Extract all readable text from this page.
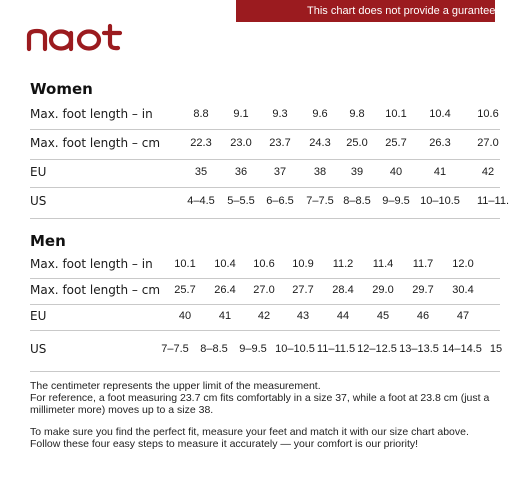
This chart does not provide a gurantee of
Women
Max. foot length – in	8.8 9.1 9.3 9.6 9.8 10.1 10.4 10.6
Max. foot length – cm	22.3 23.0 23.7 24.3 25.0 25.7 26.3 27.0
EU	35	36 37	38 39 40	41	42
US	4–4.5 5–5.5 6–6.5 7–7.5 8–8.5 9–9.5 10–10.5 11–11.
Men
Max. foot length – in 10.1 10.4 10.6 10.9 11.2 11.4 11.7 12.0
Max. foot length – cm 25.7 26.4 27.0 27.7 28.4 29.0 29.7 30.4
EU	40	41 42 43	44	45	46	47
US	7–7.5 8–8.5 9–9.5 10–10.5 11–11.5 12–12.5 13–13.5 14–14.5 15

The centimeter represents the upper limit of the measurement.

For reference, a foot measuring 23.7 cm fits comfortably in a size 37, while a foot at 23.8 cm (just a millimeter more) moves up to a size 38.

To make sure you find the perfect fit, measure your feet and match it with our size chart above. Follow these four easy steps to measure it accurately — your comfort is our priority!
